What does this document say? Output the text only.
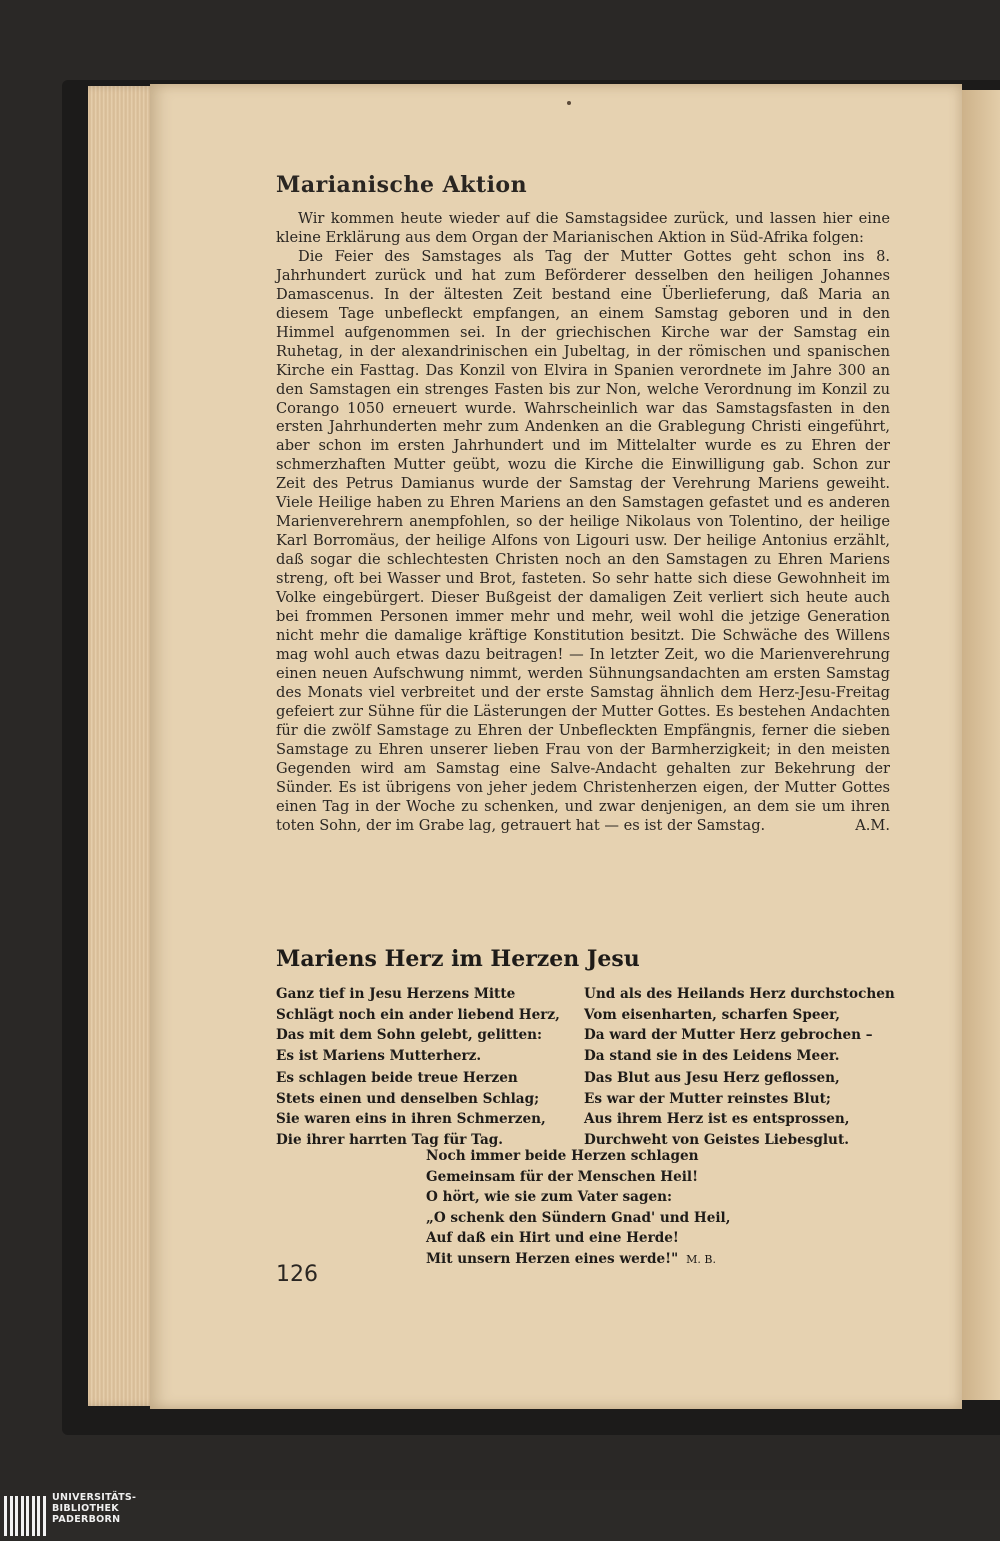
Marianische Aktion

Wir kommen heute wieder auf die Samstagsidee zurück, und lassen hier eine kleine Erklärung aus dem Organ der Marianischen Aktion in Süd-Afrika folgen:

Die Feier des Samstages als Tag der Mutter Gottes geht schon ins 8. Jahrhundert zurück und hat zum Beförderer desselben den heiligen Johannes Damascenus. In der ältesten Zeit bestand eine Überlieferung, daß Maria an diesem Tage unbefleckt empfangen, an einem Samstag geboren und in den Himmel aufgenommen sei. In der griechischen Kirche war der Samstag ein Ruhetag, in der alexandrinischen ein Jubeltag, in der römischen und spanischen Kirche ein Fasttag. Das Konzil von Elvira in Spanien verordnete im Jahre 300 an den Samstagen ein strenges Fasten bis zur Non, welche Verordnung im Konzil zu Corango 1050 erneuert wurde. Wahrscheinlich war das Samstagsfasten in den ersten Jahrhunderten mehr zum Andenken an die Grablegung Christi eingeführt, aber schon im ersten Jahrhundert und im Mittelalter wurde es zu Ehren der schmerzhaften Mutter geübt, wozu die Kirche die Einwilligung gab. Schon zur Zeit des Petrus Damianus wurde der Samstag der Verehrung Mariens geweiht. Viele Heilige haben zu Ehren Mariens an den Samstagen gefastet und es anderen Marienverehrern anempfohlen, so der heilige Nikolaus von Tolentino, der heilige Karl Borromäus, der heilige Alfons von Ligouri usw. Der heilige Antonius erzählt, daß sogar die schlechtesten Christen noch an den Samstagen zu Ehren Mariens streng, oft bei Wasser und Brot, fasteten. So sehr hatte sich diese Gewohnheit im Volke eingebürgert. Dieser Bußgeist der damaligen Zeit verliert sich heute auch bei frommen Personen immer mehr und mehr, weil wohl die jetzige Generation nicht mehr die damalige kräftige Konstitution besitzt. Die Schwäche des Willens mag wohl auch etwas dazu beitragen! — In letzter Zeit, wo die Marienverehrung einen neuen Aufschwung nimmt, werden Sühnungsandachten am ersten Samstag des Monats viel verbreitet und der erste Samstag ähnlich dem Herz-Jesu-Freitag gefeiert zur Sühne für die Lästerungen der Mutter Gottes. Es bestehen Andachten für die zwölf Samstage zu Ehren der Unbefleckten Empfängnis, ferner die sieben Samstage zu Ehren unserer lieben Frau von der Barmherzigkeit; in den meisten Gegenden wird am Samstag eine Salve-Andacht gehalten zur Bekehrung der Sünder. Es ist übrigens von jeher jedem Christenherzen eigen, der Mutter Gottes einen Tag in der Woche zu schenken, und zwar denjenigen, an dem sie um ihren toten Sohn, der im Grabe lag, getrauert hat — es ist der Samstag.	A.M.

Mariens Herz im Herzen Jesu
Ganz tief in Jesu Herzens Mitte
Schlägt noch ein ander liebend Herz,
Das mit dem Sohn gelebt, gelitten:
Es ist Mariens Mutterherz.
Und als des Heilands Herz durchstochen
Vom eisenharten, scharfen Speer,
Da ward der Mutter Herz gebrochen –
Da stand sie in des Leidens Meer.
Es schlagen beide treue Herzen
Stets einen und denselben Schlag;
Sie waren eins in ihren Schmerzen,
Die ihrer harrten Tag für Tag.
Das Blut aus Jesu Herz geflossen,
Es war der Mutter reinstes Blut;
Aus ihrem Herz ist es entsprossen,
Durchweht von Geistes Liebesglut.
Noch immer beide Herzen schlagen
Gemeinsam für der Menschen Heil!
O hört, wie sie zum Vater sagen:
„O schenk den Sündern Gnad' und Heil,
Auf daß ein Hirt und eine Herde!
Mit unsern Herzen eines werde!" M. B.
126
UNIVERSITÄTS-
BIBLIOTHEK
PADERBORN
